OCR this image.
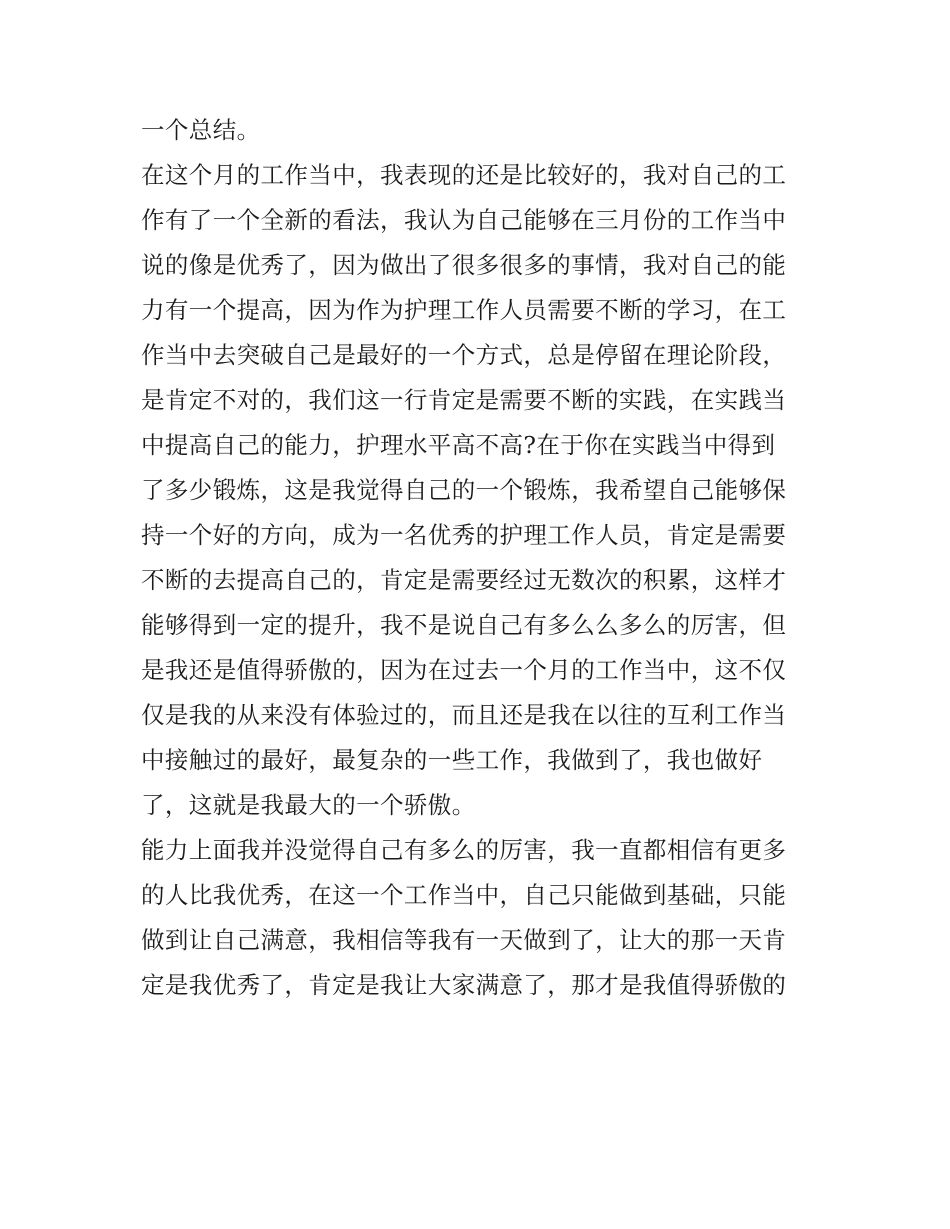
一个总结。
在这个月的工作当中，我表现的还是比较好的，我对自己的工
作有了一个全新的看法，我认为自己能够在三月份的工作当中
说的像是优秀了，因为做出了很多很多的事情，我对自己的能
力有一个提高，因为作为护理工作人员需要不断的学习，在工
作当中去突破自己是最好的一个方式，总是停留在理论阶段，
是肯定不对的，我们这一行肯定是需要不断的实践，在实践当
中提高自己的能力，护理水平高不高?在于你在实践当中得到
了多少锻炼，这是我觉得自己的一个锻炼，我希望自己能够保
持一个好的方向，成为一名优秀的护理工作人员，肯定是需要
不断的去提高自己的，肯定是需要经过无数次的积累，这样才
能够得到一定的提升，我不是说自己有多么么多么的厉害，但
是我还是值得骄傲的，因为在过去一个月的工作当中，这不仅
仅是我的从来没有体验过的，而且还是我在以往的互利工作当
中接触过的最好，最复杂的一些工作，我做到了，我也做好
了，这就是我最大的一个骄傲。
能力上面我并没觉得自己有多么的厉害，我一直都相信有更多
的人比我优秀，在这一个工作当中，自己只能做到基础，只能
做到让自己满意，我相信等我有一天做到了，让大的那一天肯
定是我优秀了，肯定是我让大家满意了，那才是我值得骄傲的
